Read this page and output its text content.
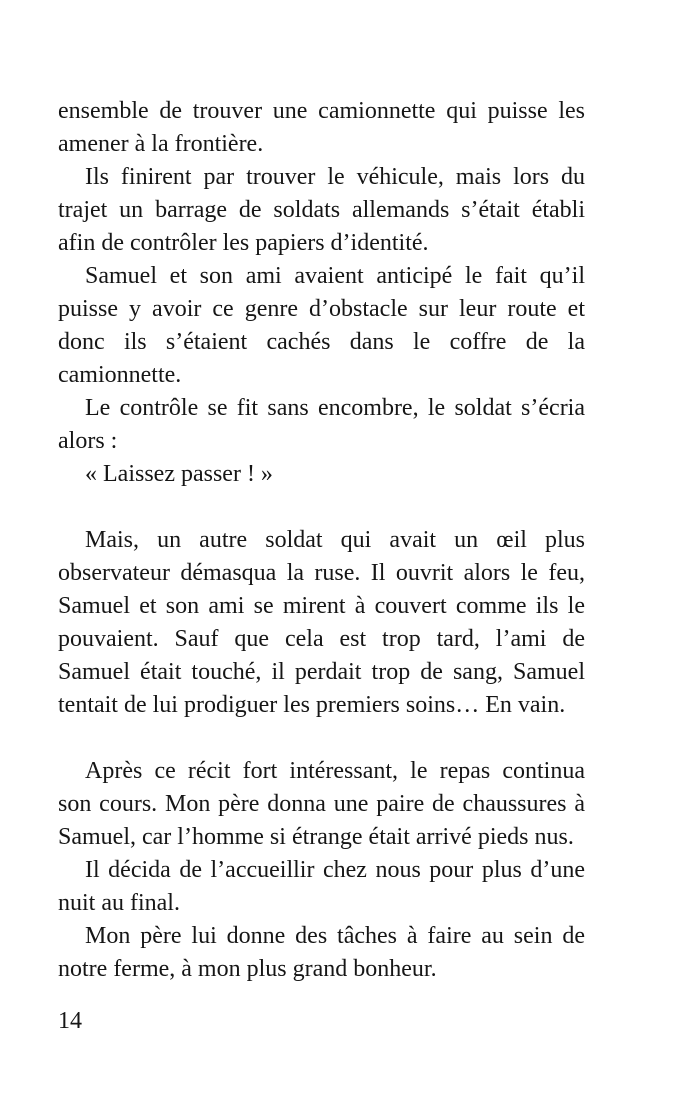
ensemble de trouver une camionnette qui puisse les
amener à la frontière.
Ils finirent par trouver le véhicule, mais lors du
trajet un barrage de soldats allemands s’était établi
afin de contrôler les papiers d’identité.
Samuel et son ami avaient anticipé le fait qu’il
puisse y avoir ce genre d’obstacle sur leur route et
donc ils s’étaient cachés dans le coffre de la
camionnette.
Le contrôle se fit sans encombre, le soldat s’écria
alors :
« Laissez passer ! »
Mais, un autre soldat qui avait un œil plus
observateur démasqua la ruse. Il ouvrit alors le feu,
Samuel et son ami se mirent à couvert comme ils le
pouvaient. Sauf que cela est trop tard, l’ami de
Samuel était touché, il perdait trop de sang, Samuel
tentait de lui prodiguer les premiers soins… En vain.
Après ce récit fort intéressant, le repas continua
son cours. Mon père donna une paire de chaussures à
Samuel, car l’homme si étrange était arrivé pieds nus.
Il décida de l’accueillir chez nous pour plus d’une
nuit au final.
Mon père lui donne des tâches à faire au sein de
notre ferme, à mon plus grand bonheur.
14
